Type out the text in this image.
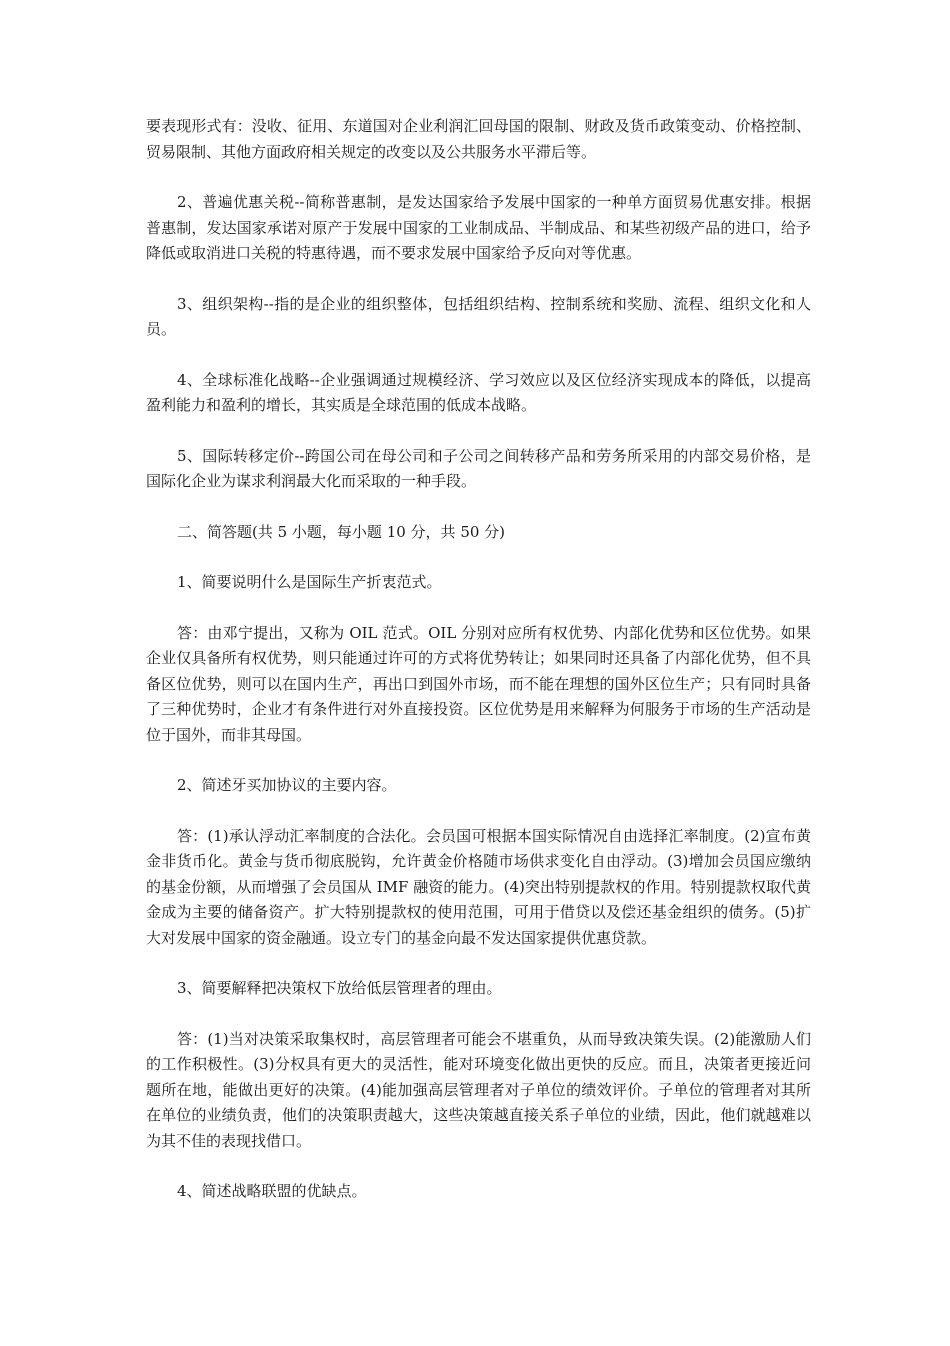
要表现形式有：没收、征用、东道国对企业利润汇回母国的限制、财政及货币政策变动、价格控制、贸易限制、其他方面政府相关规定的改变以及公共服务水平滞后等。

2、普遍优惠关税--简称普惠制，是发达国家给予发展中国家的一种单方面贸易优惠安排。根据普惠制，发达国家承诺对原产于发展中国家的工业制成品、半制成品、和某些初级产品的进口，给予降低或取消进口关税的特惠待遇，而不要求发展中国家给予反向对等优惠。

3、组织架构--指的是企业的组织整体，包括组织结构、控制系统和奖励、流程、组织文化和人员。

4、全球标准化战略--企业强调通过规模经济、学习效应以及区位经济实现成本的降低，以提高盈利能力和盈利的增长，其实质是全球范围的低成本战略。

5、国际转移定价--跨国公司在母公司和子公司之间转移产品和劳务所采用的内部交易价格，是国际化企业为谋求利润最大化而采取的一种手段。

二、简答题(共 5 小题，每小题 10 分，共 50 分)

1、简要说明什么是国际生产折衷范式。

答：由邓宁提出，又称为 OIL 范式。OIL 分别对应所有权优势、内部化优势和区位优势。如果企业仅具备所有权优势，则只能通过许可的方式将优势转让；如果同时还具备了内部化优势，但不具备区位优势，则可以在国内生产，再出口到国外市场，而不能在理想的国外区位生产；只有同时具备了三种优势时，企业才有条件进行对外直接投资。区位优势是用来解释为何服务于市场的生产活动是位于国外，而非其母国。

2、简述牙买加协议的主要内容。

答：(1)承认浮动汇率制度的合法化。会员国可根据本国实际情况自由选择汇率制度。(2)宣布黄金非货币化。黄金与货币彻底脱钩，允许黄金价格随市场供求变化自由浮动。(3)增加会员国应缴纳的基金份额，从而增强了会员国从 IMF 融资的能力。(4)突出特别提款权的作用。特别提款权取代黄金成为主要的储备资产。扩大特别提款权的使用范围，可用于借贷以及偿还基金组织的债务。(5)扩大对发展中国家的资金融通。设立专门的基金向最不发达国家提供优惠贷款。

3、简要解释把决策权下放给低层管理者的理由。

答：(1)当对决策采取集权时，高层管理者可能会不堪重负，从而导致决策失误。(2)能激励人们的工作积极性。(3)分权具有更大的灵活性，能对环境变化做出更快的反应。而且，决策者更接近问题所在地，能做出更好的决策。(4)能加强高层管理者对子单位的绩效评价。子单位的管理者对其所在单位的业绩负责，他们的决策职责越大，这些决策越直接关系子单位的业绩，因此，他们就越难以为其不佳的表现找借口。

4、简述战略联盟的优缺点。
